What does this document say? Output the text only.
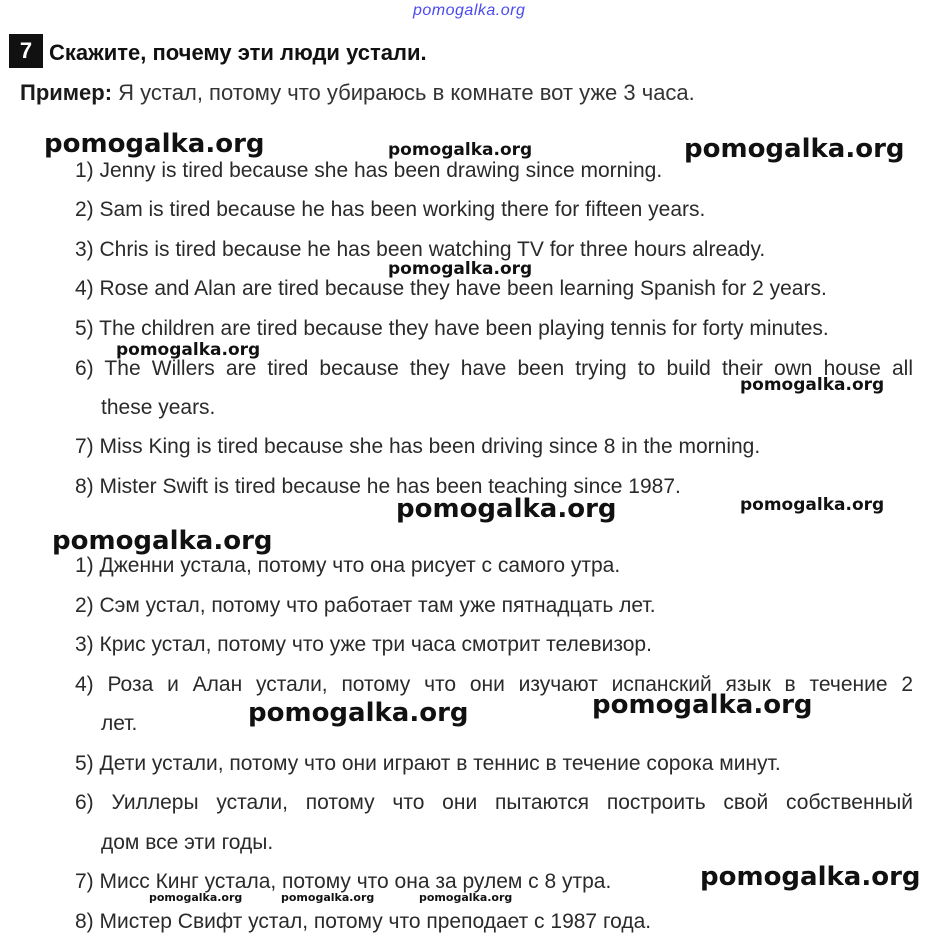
pomogalka.org
7 Скажите, почему эти люди устали.
Пример: Я устал, потому что убираюсь в комнате вот уже 3 часа.
1) Jenny is tired because she has been drawing since morning.
2) Sam is tired because he has been working there for fifteen years.
3) Chris is tired because he has been watching TV for three hours already.
4) Rose and Alan are tired because they have been learning Spanish for 2 years.
5) The children are tired because they have been playing tennis for forty minutes.
6) The Willers are tired because they have been trying to build their own house all
these years.
7) Miss King is tired because she has been driving since 8 in the morning.
8) Mister Swift is tired because he has been teaching since 1987.
1) Дженни устала, потому что она рисует с самого утра.
2) Сэм устал, потому что работает там уже пятнадцать лет.
3) Крис устал, потому что уже три часа смотрит телевизор.
4) Роза и Алан устали, потому что они изучают испанский язык в течение 2
лет.
5) Дети устали, потому что они играют в теннис в течение сорока минут.
6) Уиллеры устали, потому что они пытаются построить свой собственный
дом все эти годы.
7) Мисс Кинг устала, потому что она за рулем с 8 утра.
8) Мистер Свифт устал, потому что преподает с 1987 года.
pomogalka.org	pomogalka.org	pomogalka.org
pomogalka.org
pomogalka.org
pomogalka.org
pomogalka.org	pomogalka.org
pomogalka.org
pomogalka.org	pomogalka.org
pomogalka.org
pomogalka.org	pomogalka.org	pomogalka.org
